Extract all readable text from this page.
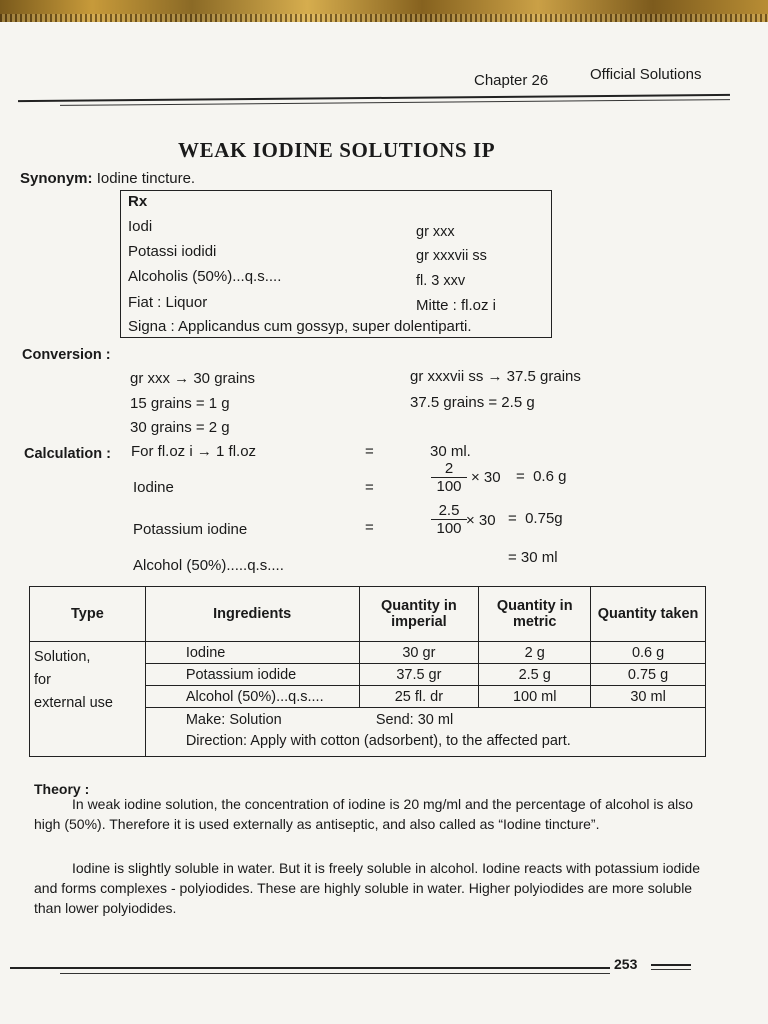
Chapter 26	Official Solutions
WEAK IODINE SOLUTIONS IP
Synonym: Iodine tincture.
Rx
Iodi	gr xxx
Potassi iodidi	gr xxxvii ss
Alcoholis (50%)...q.s....	fl. 3 xxv
Fiat : Liquor	Mitte : fl.oz i
Signa : Applicandus cum gossyp, super dolentiparti.
Conversion :
gr xxx → 30 grains
15 grains = 1 g
30 grains = 2 g
gr xxxvii ss → 37.5 grains
37.5 grains = 2.5 g
Calculation : For fl.oz i → 1 fl.oz	=	30 ml.
Iodine	=	$\frac{2}{100} \times 30 = 0.6$ g
Potassium iodine	=	$\frac{2.5}{100} \times 30 = 0.75g$
Alcohol (50%).....q.s....	= 30 ml
Type	Ingredients	Quantity in imperial	Quantity in metric	Quantity taken

Solution,
for
external use	Iodine	30 gr	2 g	0.6 g
	Potassium iodide	37.5 gr	2.5 g	0.75 g
	Alcohol (50%)...q.s....	25 fl. dr	100 ml	30 ml

	Make: Solution Send: 30 ml
Direction: Apply with cotton (adsorbent), to the affected part.			
Theory :
In weak iodine solution, the concentration of iodine is 20 mg/ml and the percentage of alcohol is also high (50%). Therefore it is used externally as antiseptic, and also called as “Iodine tincture”.
Iodine is slightly soluble in water. But it is freely soluble in alcohol. Iodine reacts with potassium iodide and forms complexes - polyiodides. These are highly soluble in water. Higher polyiodides are more soluble than lower polyiodides.
253
